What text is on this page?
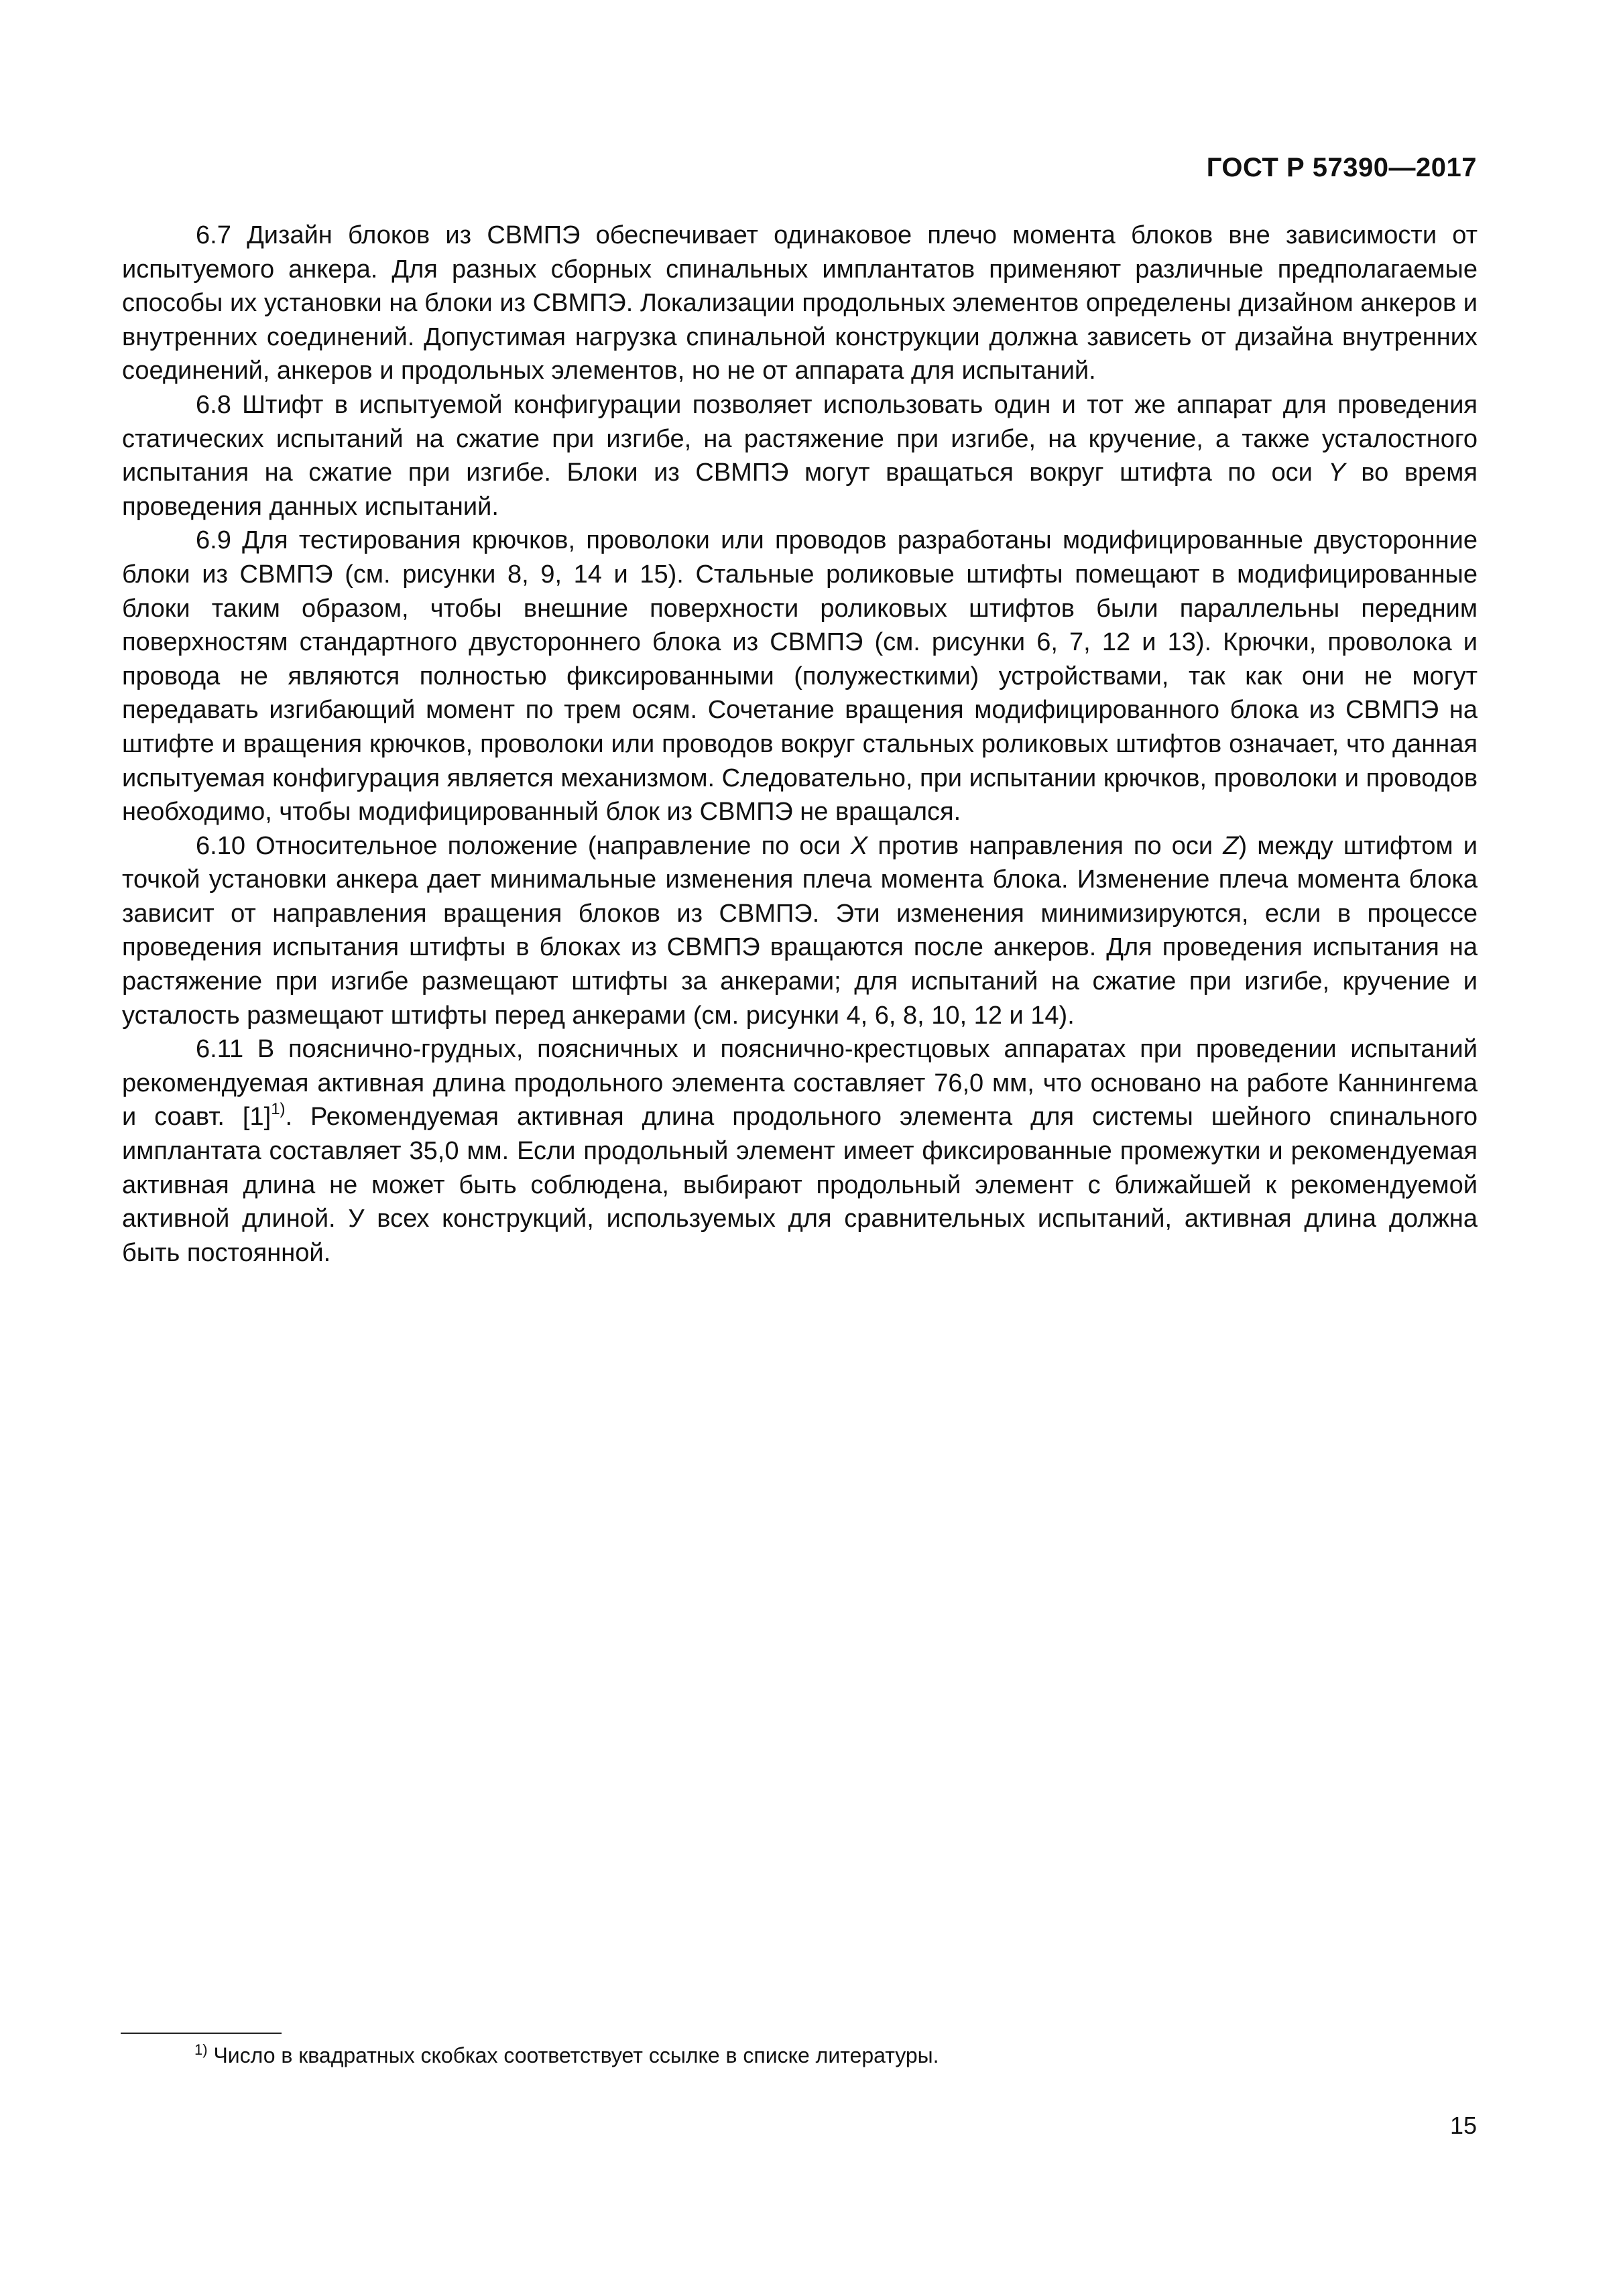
ГОСТ Р 57390—2017

6.7 Дизайн блоков из СВМПЭ обеспечивает одинаковое плечо момента блоков вне зависимости от испытуемого анкера. Для разных сборных спинальных имплантатов применяют различные предполагаемые способы их установки на блоки из СВМПЭ. Локализации продольных элементов определены дизайном анкеров и внутренних соединений. Допустимая нагрузка спинальной конструкции должна зависеть от дизайна внутренних соединений, анкеров и продольных элементов, но не от аппарата для испытаний.

6.8 Штифт в испытуемой конфигурации позволяет использовать один и тот же аппарат для проведения статических испытаний на сжатие при изгибе, на растяжение при изгибе, на кручение, а также усталостного испытания на сжатие при изгибе. Блоки из СВМПЭ могут вращаться вокруг штифта по оси Y во время проведения данных испытаний.

6.9 Для тестирования крючков, проволоки или проводов разработаны модифицированные двусторонние блоки из СВМПЭ (см. рисунки 8, 9, 14 и 15). Стальные роликовые штифты помещают в модифицированные блоки таким образом, чтобы внешние поверхности роликовых штифтов были параллельны передним поверхностям стандартного двустороннего блока из СВМПЭ (см. рисунки 6, 7, 12 и 13). Крючки, проволока и провода не являются полностью фиксированными (полужесткими) устройствами, так как они не могут передавать изгибающий момент по трем осям. Сочетание вращения модифицированного блока из СВМПЭ на штифте и вращения крючков, проволоки или проводов вокруг стальных роликовых штифтов означает, что данная испытуемая конфигурация является механизмом. Следовательно, при испытании крючков, проволоки и проводов необходимо, чтобы модифицированный блок из СВМПЭ не вращался.

6.10 Относительное положение (направление по оси X против направления по оси Z) между штифтом и точкой установки анкера дает минимальные изменения плеча момента блока. Изменение плеча момента блока зависит от направления вращения блоков из СВМПЭ. Эти изменения минимизируются, если в процессе проведения испытания штифты в блоках из СВМПЭ вращаются после анкеров. Для проведения испытания на растяжение при изгибе размещают штифты за анкерами; для испытаний на сжатие при изгибе, кручение и усталость размещают штифты перед анкерами (см. рисунки 4, 6, 8, 10, 12 и 14).

6.11 В пояснично-грудных, поясничных и пояснично-крестцовых аппаратах при проведении испытаний рекомендуемая активная длина продольного элемента составляет 76,0 мм, что основано на работе Каннингема и соавт. $[1]^{1)}$. Рекомендуемая активная длина продольного элемента для системы шейного спинального имплантата составляет 35,0 мм. Если продольный элемент имеет фиксированные промежутки и рекомендуемая активная длина не может быть соблюдена, выбирают продольный элемент с ближайшей к рекомендуемой активной длиной. У всех конструкций, используемых для сравнительных испытаний, активная длина должна быть постоянной.

$^{1)}$ Число в квадратных скобках соответствует ссылке в списке литературы.
15
